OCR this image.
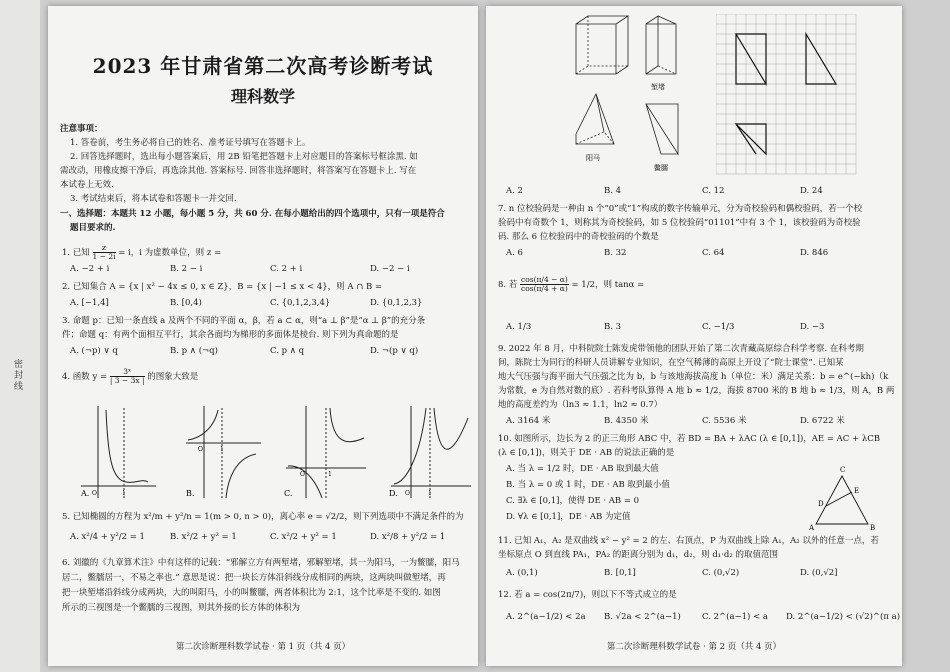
密封线
2023 年甘肃省第二次高考诊断考试
理科数学
注意事项：
1. 答卷前，考生务必将自己的姓名、准考证号填写在答题卡上。
2. 回答选择题时，选出每小题答案后，用 2B 铅笔把答题卡上对应题目的答案标号框涂黑. 如
需改动，用橡皮擦干净后，再选涂其他. 答案标号. 回答非选择题时，将答案写在答题卡上. 写在
本试卷上无效.
3. 考试结束后，将本试卷和答题卡一并交回.
一、选择题：本题共 12 小题，每小题 5 分，共 60 分. 在每小题给出的四个选项中，只有一项是符合
题目要求的.
1. 已知 $\frac{z}{1 - 2i} = i$，i 为虚数单位，则 z =
A. −2 + i	B. 2 − i	C. 2 + i	D. −2 − i
2. 已知集合 A = {x | x² − 4x ≤ 0, x ∈ Z}，B = {x | −1 ≤ x < 4}，则 A ∩ B =
A. [−1,4]	B. [0,4)	C. {0,1,2,3,4}	D. {0,1,2,3}
3. 命题 p：已知一条直线 a 及两个不同的平面 α，β，若 a ⊂ α，则“a ⊥ β”是“α ⊥ β”的充分条
件；命题 q：有两个面相互平行，其余各面均为梯形的多面体是棱台. 则下列为真命题的是
A. (¬p) ∨ q	B. p ∧ (¬q)	C. p ∧ q	D. ¬(p ∨ q)
4. 函数 $y = \frac{\text{3ˣ}}{| 3 - 3x |}$ 的图象大致是
A. O	1	B.
O	1
C.
O	1
D. O	1
5. 已知椭圆的方程为 x²/m + y²/n = 1(m > 0, n > 0)，离心率 e = √2/2，则下列选项中不满足条件的为
A. x²/4 + y²/2 = 1	B. x²/2 + y² = 1	C. x²/2 + y² = 1	D. x²/8 + y²/2 = 1
6. 刘徽的《九章算术注》中有这样的记载：“邪解立方有两堑堵，邪解堑堵，其一为阳马，一为鳖臑，阳马
居二，鳖臑居一，不易之率也.” 意思是说：把一块长方体沿斜线分成相同的两块，这两块叫做堑堵，再
把一块堑堵沿斜线分成两块，大的叫阳马，小的叫鳖臑，两者体积比为 2:1，这个比率是不变的. 如图
所示的三视图是一个鳖臑的三视图，则其外接的长方体的体积为
第二次诊断理科数学试卷 · 第 1 页（共 4 页）
堑堵
阳马
鳖臑
A. 2	B. 4	C. 12	D. 24
7. n 位校验码是一种由 n 个“0”或“1”构成的数字传输单元，分为奇校验码和偶校验码，若一个校
验码中有奇数个 1，则称其为奇校验码，如 5 位校验码“01101”中有 3 个 1，该校验码为奇校验
码. 那么 6 位校验码中的奇校验码的个数是
A. 6	B. 32	C. 64	D. 846
8. 若 $\frac{\cos(\pi/4 - \alpha)}{\cos(\pi/4 + \alpha)} = 1/2$，则 tanα =
A. 1/3	B. 3	C. −1/3	D. −3
9. 2022 年 8 月，中科院院士陈发虎带领他的团队开始了第二次青藏高原综合科学考察. 在科考期
间，陈院士为同行的科研人员讲解专业知识，在空气稀薄的高原上开设了“院士课堂”. 已知某
地大气压强与海平面大气压强之比为 b，b 与该地海拔高度 h（单位：米）满足关系：b = e^(−kh)（k
为常数，e 为自然对数的底）. 若科考队算得 A 地 b ≈ 1/2，海拔 8700 米的 B 地 b ≈ 1/3，则 A，B 两
地的高度差约为（ln3 ≈ 1.1，ln2 ≈ 0.7）
A. 3164 米	B. 4350 米	C. 5536 米	D. 6722 米
10. 如图所示，边长为 2 的正三角形 ABC 中，若 BD = BA + λAC (λ ∈ [0,1])，AE = AC + λCB
(λ ∈ [0,1])，则关于 DE · AB 的说法正确的是
A. 当 λ = 1/2 时，DE · AB 取到最大值
B. 当 λ = 0 或 1 时，DE · AB 取到最小值
C. ∃λ ∈ [0,1]，使得 DE · AB = 0
D. ∀λ ∈ [0,1]，DE · AB 为定值
C
E
D
A	B
11. 已知 A₁，A₂ 是双曲线 x² − y² = 2 的左、右顶点，P 为双曲线上除 A₁，A₂ 以外的任意一点，若
坐标原点 O 到直线 PA₁，PA₂ 的距离分别为 d₁，d₂，则 d₁·d₂ 的取值范围
A. (0,1)	B. [0,1]	C. (0,√2)	D. (0,√2]
12. 若 a = cos(2π/7)，则以下不等式成立的是
A. 2^(a−1/2) < 2a B. √2a < 2^(a−1) C. 2^(a−1) < a D. 2^(a−1/2) < (√2)^(π a)
第二次诊断理科数学试卷 · 第 2 页（共 4 页）
